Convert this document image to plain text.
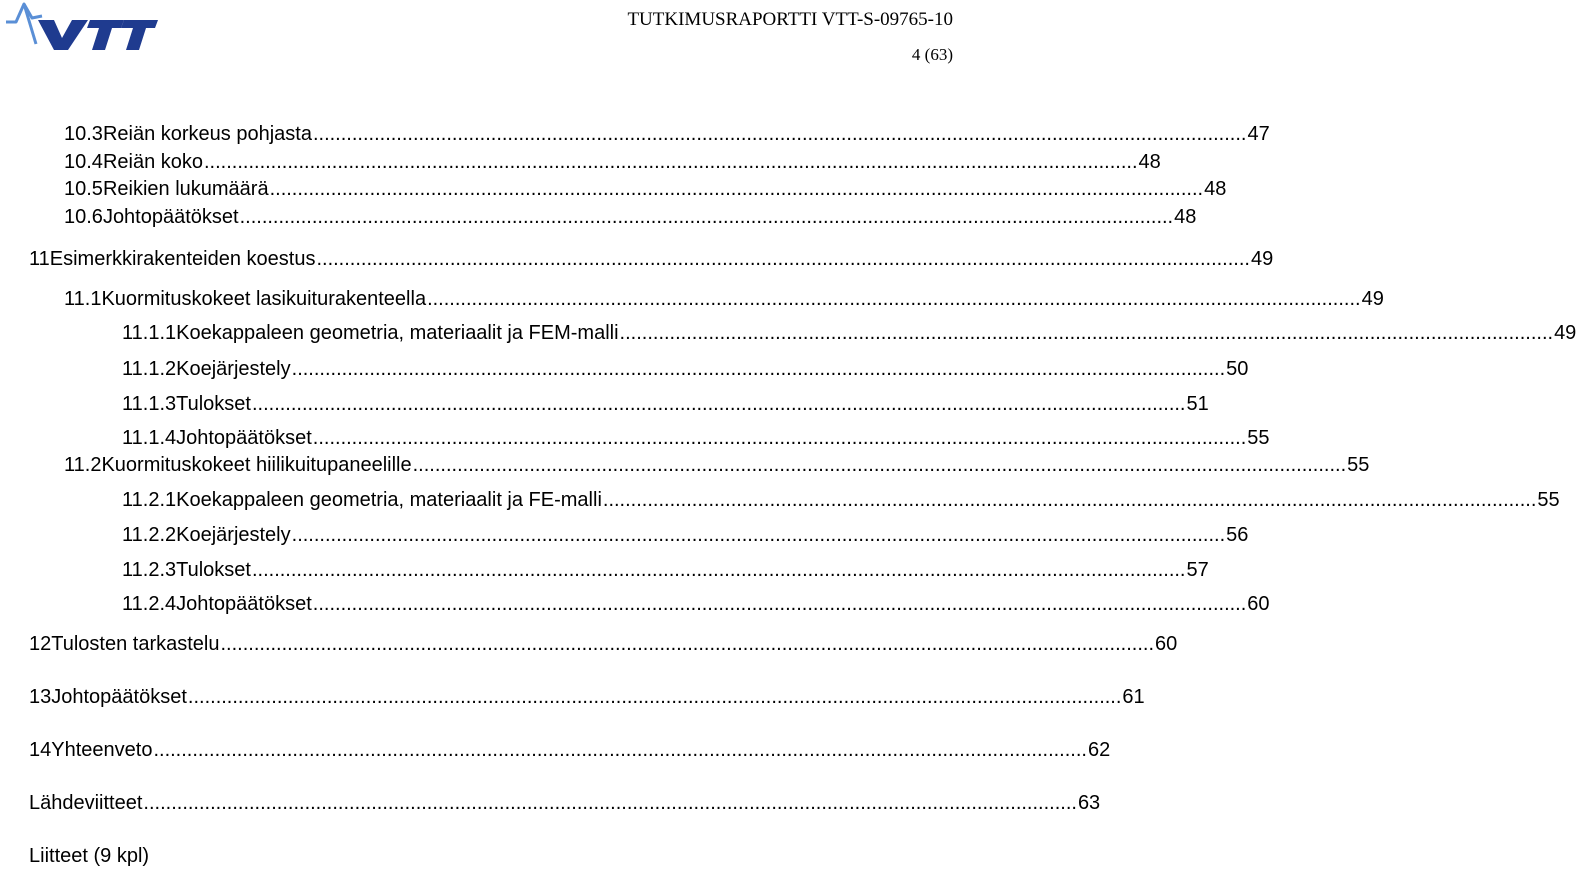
TUTKIMUSRAPORTTI VTT-S-09765-10
4 (63)
10.3 Reiän korkeus pohjasta ........................................................................................................................................................................ 47
10.4 Reiän koko ........................................................................................................................................................................ 48
10.5 Reikien lukumäärä ........................................................................................................................................................................ 48
10.6 Johtopäätökset ........................................................................................................................................................................ 48
11 Esimerkkirakenteiden koestus ........................................................................................................................................................................ 49
11.1 Kuormituskokeet lasikuiturakenteella ........................................................................................................................................................................ 49
11.1.1 Koekappaleen geometria, materiaalit ja FEM-malli ........................................................................................................................................................................ 49
11.1.2 Koejärjestely ........................................................................................................................................................................ 50
11.1.3 Tulokset ........................................................................................................................................................................ 51
11.1.4 Johtopäätökset ........................................................................................................................................................................ 55
11.2 Kuormituskokeet hiilikuitupaneelille ........................................................................................................................................................................ 55
11.2.1 Koekappaleen geometria, materiaalit ja FE-malli ........................................................................................................................................................................ 55
11.2.2 Koejärjestely ........................................................................................................................................................................ 56
11.2.3 Tulokset ........................................................................................................................................................................ 57
11.2.4 Johtopäätökset ........................................................................................................................................................................ 60
12 Tulosten tarkastelu ........................................................................................................................................................................ 60
13 Johtopäätökset ........................................................................................................................................................................ 61
14 Yhteenveto ........................................................................................................................................................................ 62
Lähdeviitteet ........................................................................................................................................................................ 63
Liitteet (9 kpl)
